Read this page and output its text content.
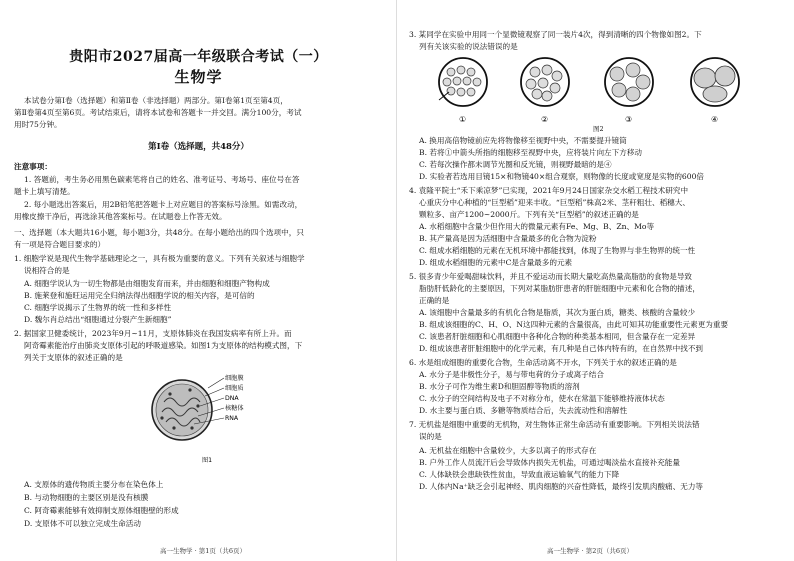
贵阳市2027届高一年级联合考试（一）
生物学
本试卷分第Ⅰ卷（选择题）和第Ⅱ卷（非选择题）两部分。第Ⅰ卷第1页至第4页，
第Ⅱ卷第4页至第6页。考试结束后，请将本试卷和答题卡一并交回。满分100分，考试
用时75分钟。
第Ⅰ卷（选择题，共48分）
注意事项：
1. 答题前，考生务必用黑色碳素笔将自己的姓名、准考证号、考场号、座位号在答
题卡上填写清楚。
2. 每小题选出答案后，用2B铅笔把答题卡上对应题目的答案标号涂黑。如需改动，
用橡皮擦干净后，再选涂其他答案标号。在试题卷上作答无效。
一、选择题（本大题共16小题，每小题3分，共48分。在每小题给出的四个选项中，只
有一项是符合题目要求的）
1. 细胞学说是现代生物学基础理论之一，具有极为重要的意义。下列有关叙述与细胞学
说相符合的是
A. 细胞学说认为一切生物都是由细胞发育而来，并由细胞和细胞产物构成
B. 施莱登和施旺运用完全归纳法得出细胞学说的相关内容，是可信的
C. 细胞学说揭示了生物界的统一性和多样性
D. 魏尔肖总结出“细胞通过分裂产生新细胞”
2. 据国家卫健委统计，2023年9月~11月，支原体肺炎在我国发病率有所上升。而
阿奇霉素能治疗由肺炎支原体引起的呼吸道感染。如图1为支原体的结构模式图，下
列关于支原体的叙述正确的是
细胞膜
细胞质
DNA
核糖体
RNA
图1
A. 支原体的遗传物质主要分布在染色体上
B. 与动物细胞的主要区别是没有核膜
C. 阿奇霉素能够有效抑制支原体细胞壁的形成
D. 支原体不可以独立完成生命活动
高一生物学 · 第1页（共6页）
3. 某同学在实验中用同一个显微镜观察了同一装片4次，得到清晰的四个物像如图2。下
列有关该实验的说法错误的是
①	②	③	④
图2
A. 换用高倍物镜前应先将物像移至视野中央，不需要提升镜筒
B. 若将①中箭头所指的细胞移至视野中央，应将装片向左下方移动
C. 若每次操作都未调节光圈和反光镜，则视野最暗的是④
D. 实验者若选用目镜15×和物镜40×组合观察，则物像的长度或宽度是实物的600倍
4. 袁隆平院士“禾下乘凉梦”已实现，2021年9月24日国家杂交水稻工程技术研究中
心重庆分中心种植的“巨型稻”迎来丰收。“巨型稻”株高2米、茎秆粗壮、稻穗大、
颗粒多、亩产1200~2000斤。下列有关“巨型稻”的叙述正确的是
A. 水稻细胞中含量少但作用大的微量元素有Fe、Mg、B、Zn、Mo等
B. 其产量高是因为活细胞中含量最多的化合物为淀粉
C. 组成水稻细胞的元素在无机环境中都能找到，体现了生物界与非生物界的统一性
D. 组成水稻细胞的元素中C是含量最多的元素
5. 很多青少年爱喝甜味饮料，并且不爱运动而长期大量吃高热量高脂肪的食物是导致
脂肪肝低龄化的主要原因，下列对某脂肪肝患者的肝脏细胞中元素和化合物的描述，
正确的是
A. 该细胞中含量最多的有机化合物是脂质，其次为蛋白质，糖类、核酸的含量较少
B. 组成该细胞的C、H、O、N这四种元素的含量很高，由此可知其功能重要性元素更为重要
C. 该患者肝脏细胞和心肌细胞中各种化合物的种类基本相同，但含量存在一定差异
D. 组成该患者肝脏细胞中的化学元素，有几种是自己体内特有的，在自然界中找不到
6. 水是组成细胞的重要化合物，生命活动离不开水，下列关于水的叙述正确的是
A. 水分子是非极性分子，易与带电荷的分子或离子结合
B. 水分子可作为维生素D和胆固醇等物质的溶剂
C. 水分子的空间结构及电子不对称分布，使水在常温下能够维持液体状态
D. 水主要与蛋白质、多糖等物质结合后，失去流动性和溶解性
7. 无机盐是细胞中重要的无机物，对生物体正常生命活动有重要影响。下列相关说法错
误的是
A. 无机盐在细胞中含量较少，大多以离子的形式存在
B. 户外工作人员流汗后会导致体内损失无机盐，可通过喝淡盐水直接补充能量
C. 人体缺铁会患缺铁性贫血，导致血液运输氧气的能力下降
D. 人体内Na⁺缺乏会引起神经、肌肉细胞的兴奋性降低，最终引发肌肉酸痛、无力等
高一生物学 · 第2页（共6页）
